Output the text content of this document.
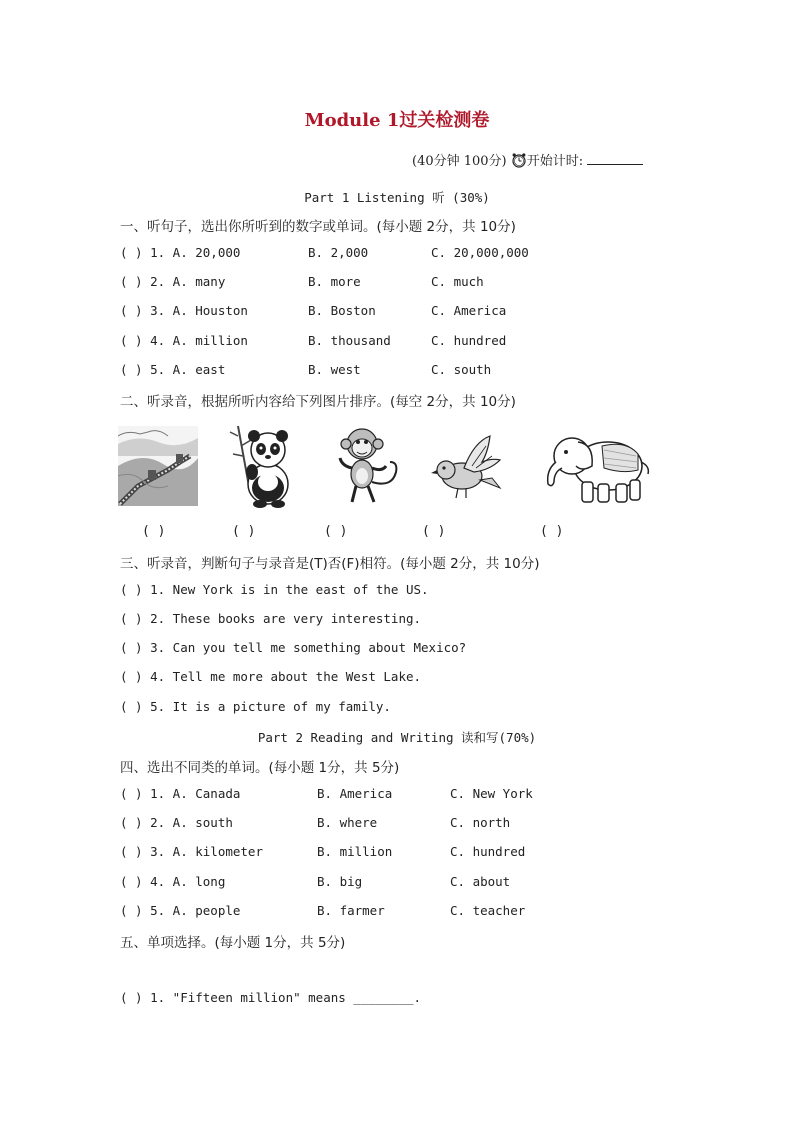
Module 1过关检测卷
(40分钟 100分) 开始计时:
Part 1 Listening 听 (30%)
一、听句子，选出你所听到的数字或单词。(每小题 2分，共 10分)
( ) 1. A. 20,000	B. 2,000	C. 20,000,000
( ) 2. A. many	B. more	C. much
( ) 3. A. Houston	B. Boston	C. America
( ) 4. A. million	B. thousand	C. hundred
( ) 5. A. east	B. west	C. south
二、听录音，根据所听内容给下列图片排序。(每空 2分，共 10分)
( )	( )	( )	( )	( )
三、听录音，判断句子与录音是(T)否(F)相符。(每小题 2分，共 10分)
( ) 1. New York is in the east of the US.
( ) 2. These books are very interesting.
( ) 3. Can you tell me something about Mexico?
( ) 4. Tell me more about the West Lake.
( ) 5. It is a picture of my family.
Part 2 Reading and Writing 读和写(70%)
四、选出不同类的单词。(每小题 1分，共 5分)
( ) 1. A. Canada	B. America	C. New York
( ) 2. A. south	B. where	C. north
( ) 3. A. kilometer	B. million	C. hundred
( ) 4. A. long	B. big	C. about
( ) 5. A. people	B. farmer	C. teacher
五、单项选择。(每小题 1分，共 5分)
( ) 1. "Fifteen million" means ________.
